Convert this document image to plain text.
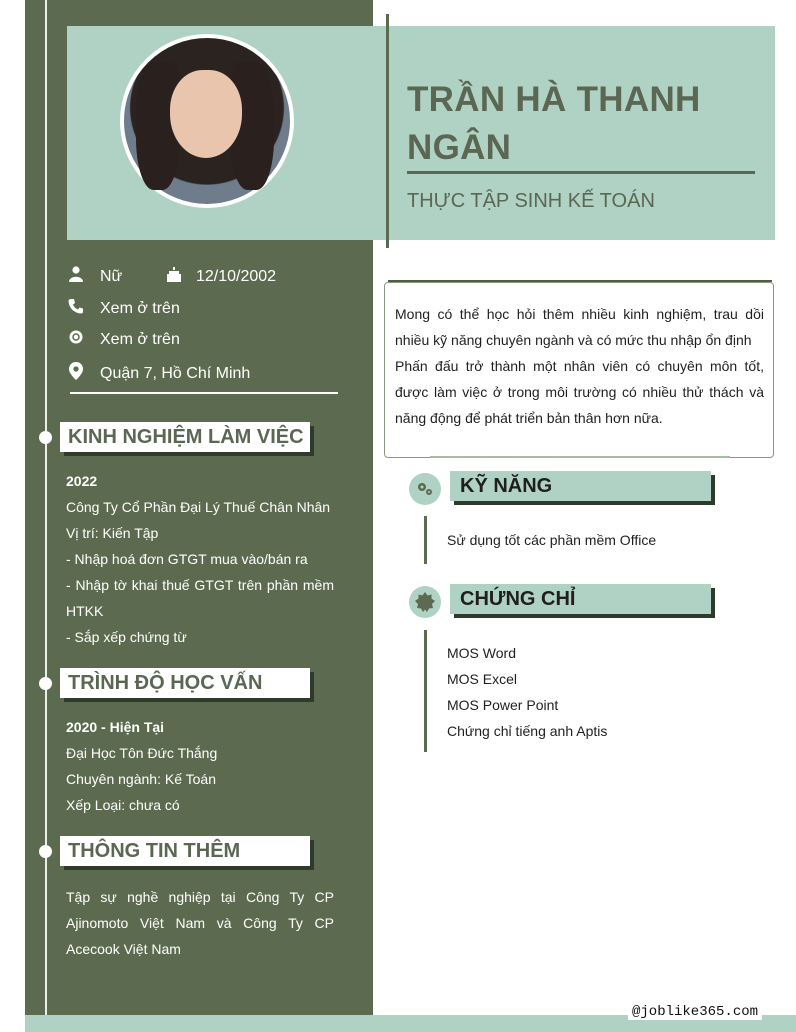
TRẦN HÀ THANH NGÂN
THỰC TẬP SINH KẾ TOÁN
Nữ	12/10/2002
Xem ở trên
Xem ở trên
Quận 7, Hồ Chí Minh
KINH NGHIỆM LÀM VIỆC
2022
Công Ty Cổ Phần Đại Lý Thuế Chân Nhân
Vị trí: Kiến Tập
- Nhập hoá đơn GTGT mua vào/bán ra
- Nhập tờ khai thuế GTGT trên phần mềm HTKK
- Sắp xếp chứng từ
TRÌNH ĐỘ HỌC VẤN
2020 - Hiện Tại
Đại Học Tôn Đức Thắng
Chuyên ngành: Kế Toán
Xếp Loại: chưa có
THÔNG TIN THÊM
Tập sự nghề nghiệp tại Công Ty CP Ajinomoto Việt Nam và Công Ty CP Acecook Việt Nam
Mong có thể học hỏi thêm nhiều kinh nghiệm, trau dồi nhiều kỹ năng chuyên ngành và có mức thu nhập ổn định
Phấn đấu trở thành một nhân viên có chuyên môn tốt, được làm việc ở trong môi trường có nhiều thử thách và năng động để phát triển bản thân hơn nữa.
KỸ NĂNG
Sử dụng tốt các phần mềm Office
CHỨNG CHỈ
MOS Word
MOS Excel
MOS Power Point
Chứng chỉ tiếng anh Aptis
@joblike365.com
